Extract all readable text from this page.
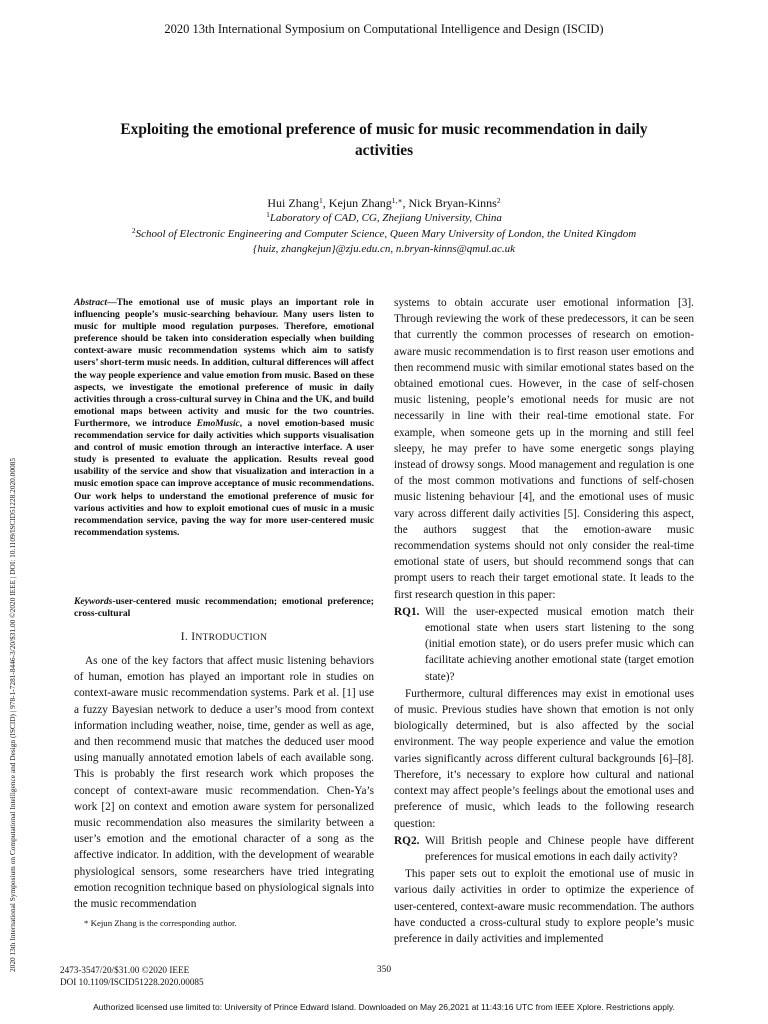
2020 13th International Symposium on Computational Intelligence and Design (ISCID)
2020 13th International Symposium on Computational Intelligence and Design (ISCID) | 978-1-7281-8446-3/20/$31.00 ©2020 IEEE | DOI: 10.1109/ISCID51228.2020.00085
Exploiting the emotional preference of music for music recommendation in daily activities
Hui Zhang$^1$, Kejun Zhang$^{1,∗}$, Nick Bryan-Kinns$^2$
$^1$Laboratory of CAD, CG, Zhejiang University, China
$^2$School of Electronic Engineering and Computer Science, Queen Mary University of London, the United Kingdom
{huiz, zhangkejun}@zju.edu.cn, n.bryan-kinns@qmul.ac.uk
Abstract—The emotional use of music plays an important role in influencing people’s music-searching behaviour. Many users listen to music for multiple mood regulation purposes. Therefore, emotional preference should be taken into consideration especially when building context-aware music recommendation systems which aim to satisfy users’ short-term music needs. In addition, cultural differences will affect the way people experience and value emotion from music. Based on these aspects, we investigate the emotional preference of music in daily activities through a cross-cultural survey in China and the UK, and build emotional maps between activity and music for the two countries. Furthermore, we introduce EmoMusic, a novel emotion-based music recommendation service for daily activities which supports visualisation and control of music emotion through an interactive interface. A user study is presented to evaluate the application. Results reveal good usability of the service and show that visualization and interaction in a music emotion space can improve acceptance of music recommendations. Our work helps to understand the emotional preference of music for various activities and how to exploit emotional cues of music in a music recommendation service, paving the way for more user-centered music recommendation systems.
Keywords-user-centered music recommendation; emotional preference; cross-cultural
I. INTRODUCTION

As one of the key factors that affect music listening behaviors of human, emotion has played an important role in studies on context-aware music recommendation systems. Park et al. [1] use a fuzzy Bayesian network to deduce a user’s mood from context information including weather, noise, time, gender as well as age, and then recommend music that matches the deduced user mood using manually annotated emotion labels of each available song. This is probably the first research work which proposes the concept of context-aware music recommendation. Chen-Ya’s work [2] on context and emotion aware system for personalized music recommendation also measures the similarity between a user’s emotion and the emotional character of a song as the affective indicator. In addition, with the development of wearable physiological sensors, some researchers have tried integrating emotion recognition technique based on physiological signals into the music recommendation

* Kejun Zhang is the corresponding author.

systems to obtain accurate user emotional information [3]. Through reviewing the work of these predecessors, it can be seen that currently the common processes of research on emotion-aware music recommendation is to first reason user emotions and then recommend music with similar emotional states based on the obtained emotional cues. However, in the case of self-chosen music listening, people’s emotional needs for music are not necessarily in line with their real-time emotional state. For example, when someone gets up in the morning and still feel sleepy, he may prefer to have some energetic songs playing instead of drowsy songs. Mood management and regulation is one of the most common motivations and functions of self-chosen music listening behaviour [4], and the emotional uses of music vary across different daily activities [5]. Considering this aspect, the authors suggest that the emotion-aware music recommendation systems should not only consider the real-time emotional state of users, but should recommend songs that can prompt users to reach their target emotional state. It leads to the first research question in this paper:

RQ1. Will the user-expected musical emotion match their emotional state when users start listening to the song (initial emotion state), or do users prefer music which can facilitate achieving another emotional state (target emotion state)?

Furthermore, cultural differences may exist in emotional uses of music. Previous studies have shown that emotion is not only biologically determined, but is also affected by the social environment. The way people experience and value the emotion varies significantly across different cultural backgrounds [6]–[8]. Therefore, it’s necessary to explore how cultural and national context may affect people’s feelings about the emotional uses and preference of music, which leads to the following research question:

RQ2. Will British people and Chinese people have different preferences for musical emotions in each daily activity?

This paper sets out to exploit the emotional use of music in various daily activities in order to optimize the experience of user-centered, context-aware music recommendation. The authors have conducted a cross-cultural study to explore people’s music preference in daily activities and implemented

2473-3547/20/$31.00 ©2020 IEEE
DOI 10.1109/ISCID51228.2020.00085
350
Authorized licensed use limited to: University of Prince Edward Island. Downloaded on May 26,2021 at 11:43:16 UTC from IEEE Xplore. Restrictions apply.
